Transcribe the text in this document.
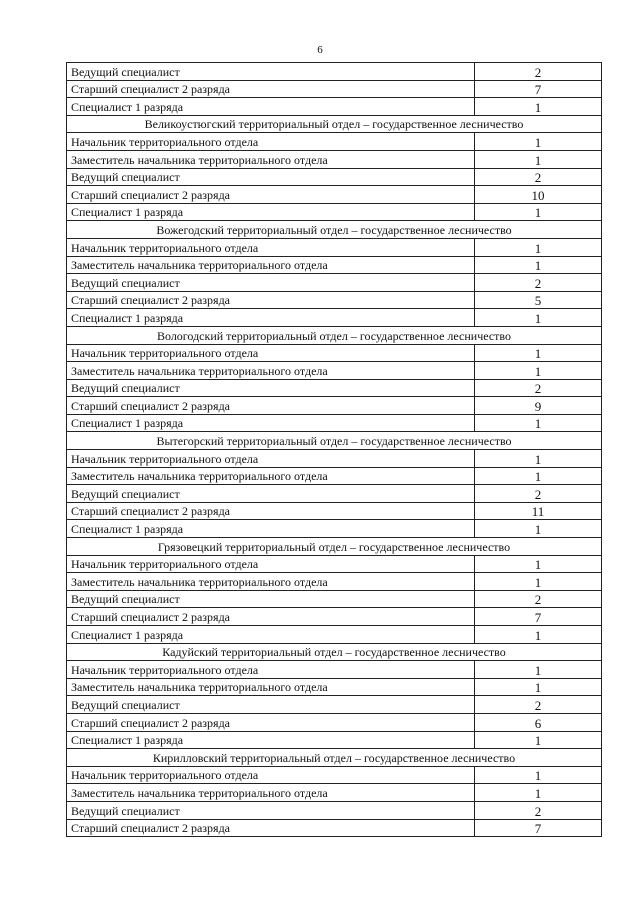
6
Ведущий специалист	2
Старший специалист 2 разряда	7
Специалист 1 разряда	1
Великоустюгский территориальный отдел – государственное лесничество	
Начальник территориального отдела	1
Заместитель начальника территориального отдела	1
Ведущий специалист	2
Старший специалист 2 разряда	10
Специалист 1 разряда	1
Вожегодский территориальный отдел – государственное лесничество	
Начальник территориального отдела	1
Заместитель начальника территориального отдела	1
Ведущий специалист	2
Старший специалист 2 разряда	5
Специалист 1 разряда	1
Вологодский территориальный отдел – государственное лесничество	
Начальник территориального отдела	1
Заместитель начальника территориального отдела	1
Ведущий специалист	2
Старший специалист 2 разряда	9
Специалист 1 разряда	1
Вытегорский территориальный отдел – государственное лесничество	
Начальник территориального отдела	1
Заместитель начальника территориального отдела	1
Ведущий специалист	2
Старший специалист 2 разряда	11
Специалист 1 разряда	1
Грязовецкий территориальный отдел – государственное лесничество	
Начальник территориального отдела	1
Заместитель начальника территориального отдела	1
Ведущий специалист	2
Старший специалист 2 разряда	7
Специалист 1 разряда	1
Кадуйский территориальный отдел – государственное лесничество	
Начальник территориального отдела	1
Заместитель начальника территориального отдела	1
Ведущий специалист	2
Старший специалист 2 разряда	6
Специалист 1 разряда	1
Кирилловский территориальный отдел – государственное лесничество	
Начальник территориального отдела	1
Заместитель начальника территориального отдела	1
Ведущий специалист	2
Старший специалист 2 разряда	7
